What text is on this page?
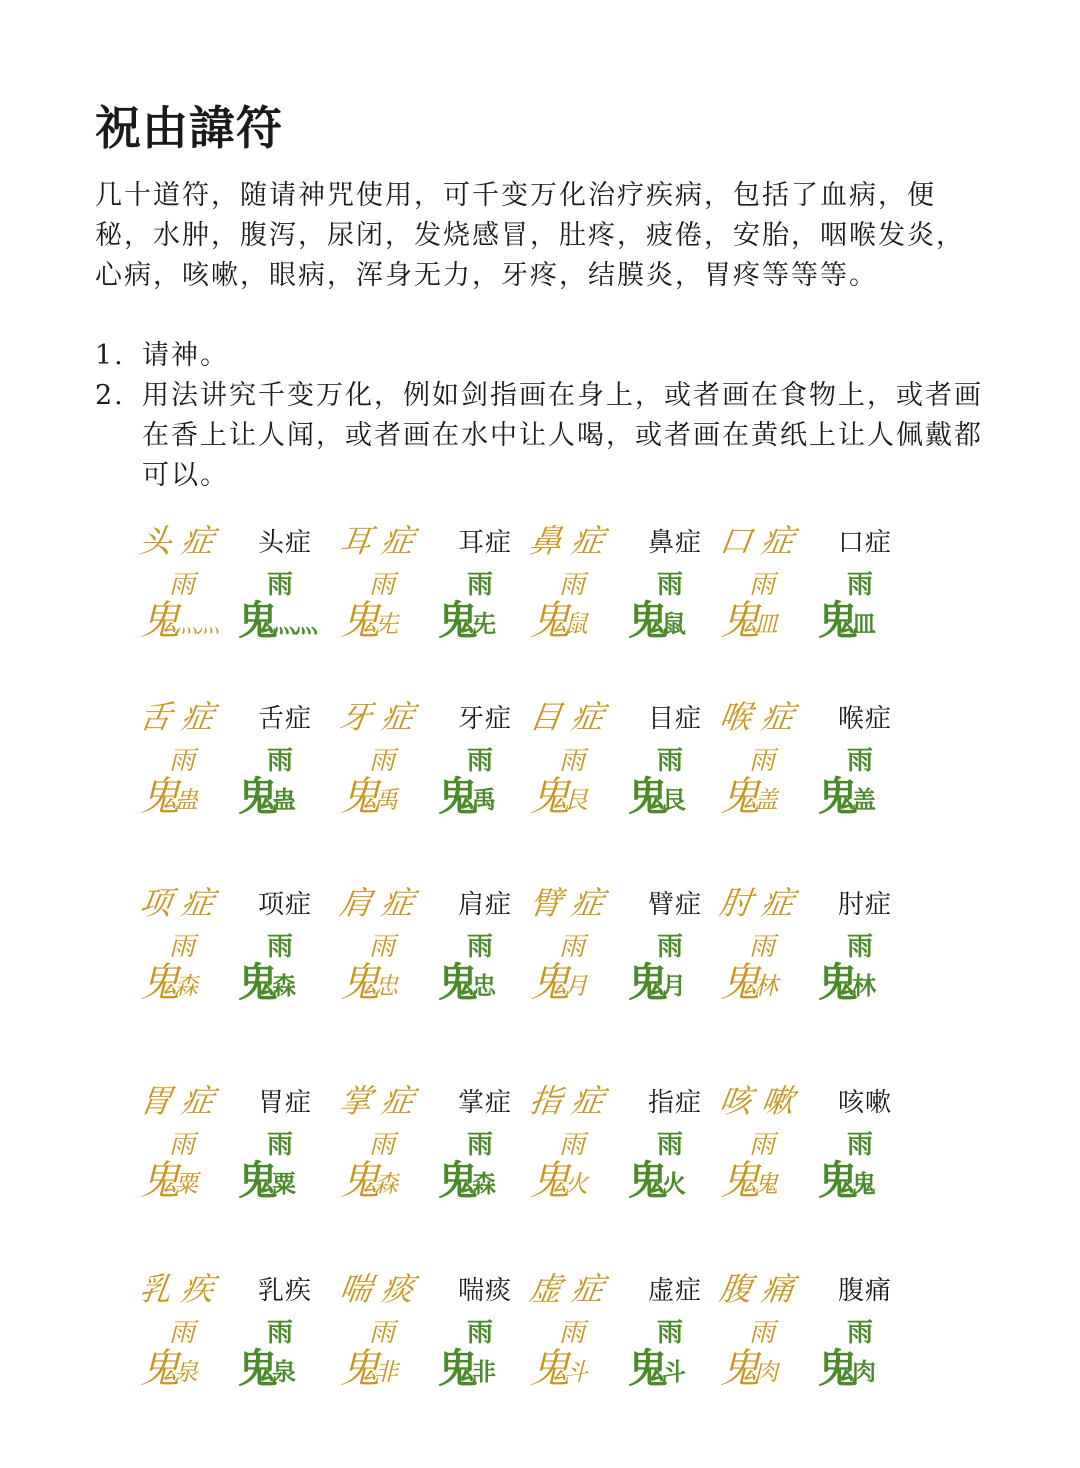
祝由諱符

几十道符，随请神咒使用，可千变万化治疗疾病，包括了血病，便秘，水肿，腹泻，尿闭，发烧感冒，肚疼，疲倦，安胎，咽喉发炎，心病，咳嗽，眼病，浑身无力，牙疼，结膜炎，胃疼等等等。

1. 请神。
2. 用法讲究千变万化，例如剑指画在身上，或者画在食物上，或者画在香上让人闻，或者画在水中让人喝，或者画在黄纸上让人佩戴都可以。
头症 头症 耳症 耳症 鼻症 鼻症 口症 口症
雨
鬼
灬灬
雨
鬼
灬灬
雨
鬼
兂
雨
鬼
兂
雨
鬼
鼠
雨
鬼
鼠
雨
鬼
皿
雨
鬼
皿
舌症 舌症 牙症 牙症 目症 目症 喉症 喉症
雨
鬼
蛊
雨
鬼
蛊
雨
鬼
禹
雨
鬼
禹
雨
鬼
艮
雨
鬼
艮
雨
鬼
盖
雨
鬼
盖
项症 项症 肩症 肩症 臂症 臂症 肘症 肘症
雨
鬼
森
雨
鬼
森
雨
鬼
忠
雨
鬼
忠
雨
鬼
月
雨
鬼
月
雨
鬼
林
雨
鬼
林
胃症 胃症 掌症 掌症 指症 指症 咳嗽 咳嗽
雨
鬼
粟
雨
鬼
粟
雨
鬼
森
雨
鬼
森
雨
鬼
火
雨
鬼
火
雨
鬼
鬼
雨
鬼
鬼
乳疾 乳疾 喘痰 喘痰 虚症 虚症 腹痛 腹痛
雨
鬼
泉
雨
鬼
泉
雨
鬼
非
雨
鬼
非
雨
鬼
斗
雨
鬼
斗
雨
鬼
肉
雨
鬼
肉
